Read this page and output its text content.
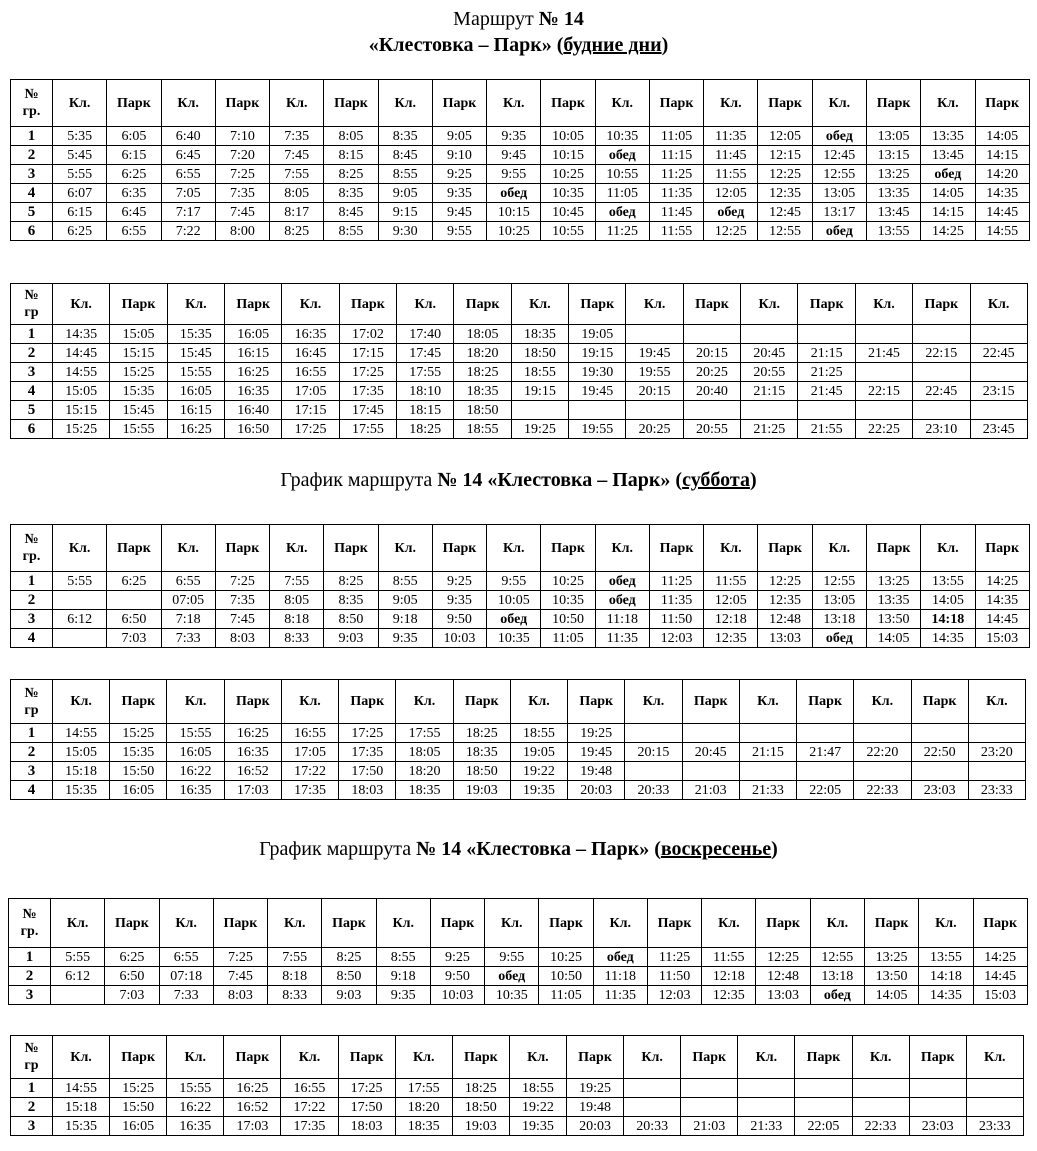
Маршрут № 14
«Клестовка – Парк» (будние дни)
График маршрута № 14 «Клестовка – Парк» (суббота)
График маршрута № 14 «Клестовка – Парк» (воскресенье)
№
гр.	Кл.	Парк	Кл.	Парк	Кл.	Парк	Кл.	Парк	Кл.	Парк	Кл.	Парк	Кл.	Парк	Кл.	Парк	Кл.	Парк
1	5:35	6:05	6:40	7:10	7:35	8:05	8:35	9:05	9:35	10:05	10:35	11:05	11:35	12:05	обед	13:05	13:35	14:05
2	5:45	6:15	6:45	7:20	7:45	8:15	8:45	9:10	9:45	10:15	обед	11:15	11:45	12:15	12:45	13:15	13:45	14:15
3	5:55	6:25	6:55	7:25	7:55	8:25	8:55	9:25	9:55	10:25	10:55	11:25	11:55	12:25	12:55	13:25	обед	14:20
4	6:07	6:35	7:05	7:35	8:05	8:35	9:05	9:35	обед	10:35	11:05	11:35	12:05	12:35	13:05	13:35	14:05	14:35
5	6:15	6:45	7:17	7:45	8:17	8:45	9:15	9:45	10:15	10:45	обед	11:45	обед	12:45	13:17	13:45	14:15	14:45
6	6:25	6:55	7:22	8:00	8:25	8:55	9:30	9:55	10:25	10:55	11:25	11:55	12:25	12:55	обед	13:55	14:25	14:55
№
гр	Кл.	Парк	Кл.	Парк	Кл.	Парк	Кл.	Парк	Кл.	Парк	Кл.	Парк	Кл.	Парк	Кл.	Парк	Кл.
1	14:35	15:05	15:35	16:05	16:35	17:02	17:40	18:05	18:35	19:05							
2	14:45	15:15	15:45	16:15	16:45	17:15	17:45	18:20	18:50	19:15	19:45	20:15	20:45	21:15	21:45	22:15	22:45
3	14:55	15:25	15:55	16:25	16:55	17:25	17:55	18:25	18:55	19:30	19:55	20:25	20:55	21:25			
4	15:05	15:35	16:05	16:35	17:05	17:35	18:10	18:35	19:15	19:45	20:15	20:40	21:15	21:45	22:15	22:45	23:15
5	15:15	15:45	16:15	16:40	17:15	17:45	18:15	18:50									
6	15:25	15:55	16:25	16:50	17:25	17:55	18:25	18:55	19:25	19:55	20:25	20:55	21:25	21:55	22:25	23:10	23:45
№
гр.	Кл.	Парк	Кл.	Парк	Кл.	Парк	Кл.	Парк	Кл.	Парк	Кл.	Парк	Кл.	Парк	Кл.	Парк	Кл.	Парк
1	5:55	6:25	6:55	7:25	7:55	8:25	8:55	9:25	9:55	10:25	обед	11:25	11:55	12:25	12:55	13:25	13:55	14:25
2			07:05	7:35	8:05	8:35	9:05	9:35	10:05	10:35	обед	11:35	12:05	12:35	13:05	13:35	14:05	14:35
3	6:12	6:50	7:18	7:45	8:18	8:50	9:18	9:50	обед	10:50	11:18	11:50	12:18	12:48	13:18	13:50	14:18	14:45
4		7:03	7:33	8:03	8:33	9:03	9:35	10:03	10:35	11:05	11:35	12:03	12:35	13:03	обед	14:05	14:35	15:03
№
гр	Кл.	Парк	Кл.	Парк	Кл.	Парк	Кл.	Парк	Кл.	Парк	Кл.	Парк	Кл.	Парк	Кл.	Парк	Кл.
1	14:55	15:25	15:55	16:25	16:55	17:25	17:55	18:25	18:55	19:25							
2	15:05	15:35	16:05	16:35	17:05	17:35	18:05	18:35	19:05	19:45	20:15	20:45	21:15	21:47	22:20	22:50	23:20
3	15:18	15:50	16:22	16:52	17:22	17:50	18:20	18:50	19:22	19:48							
4	15:35	16:05	16:35	17:03	17:35	18:03	18:35	19:03	19:35	20:03	20:33	21:03	21:33	22:05	22:33	23:03	23:33
№
гр.	Кл.	Парк	Кл.	Парк	Кл.	Парк	Кл.	Парк	Кл.	Парк	Кл.	Парк	Кл.	Парк	Кл.	Парк	Кл.	Парк
1	5:55	6:25	6:55	7:25	7:55	8:25	8:55	9:25	9:55	10:25	обед	11:25	11:55	12:25	12:55	13:25	13:55	14:25
2	6:12	6:50	07:18	7:45	8:18	8:50	9:18	9:50	обед	10:50	11:18	11:50	12:18	12:48	13:18	13:50	14:18	14:45
3		7:03	7:33	8:03	8:33	9:03	9:35	10:03	10:35	11:05	11:35	12:03	12:35	13:03	обед	14:05	14:35	15:03
№
гр	Кл.	Парк	Кл.	Парк	Кл.	Парк	Кл.	Парк	Кл.	Парк	Кл.	Парк	Кл.	Парк	Кл.	Парк	Кл.
1	14:55	15:25	15:55	16:25	16:55	17:25	17:55	18:25	18:55	19:25							
2	15:18	15:50	16:22	16:52	17:22	17:50	18:20	18:50	19:22	19:48							
3	15:35	16:05	16:35	17:03	17:35	18:03	18:35	19:03	19:35	20:03	20:33	21:03	21:33	22:05	22:33	23:03	23:33
